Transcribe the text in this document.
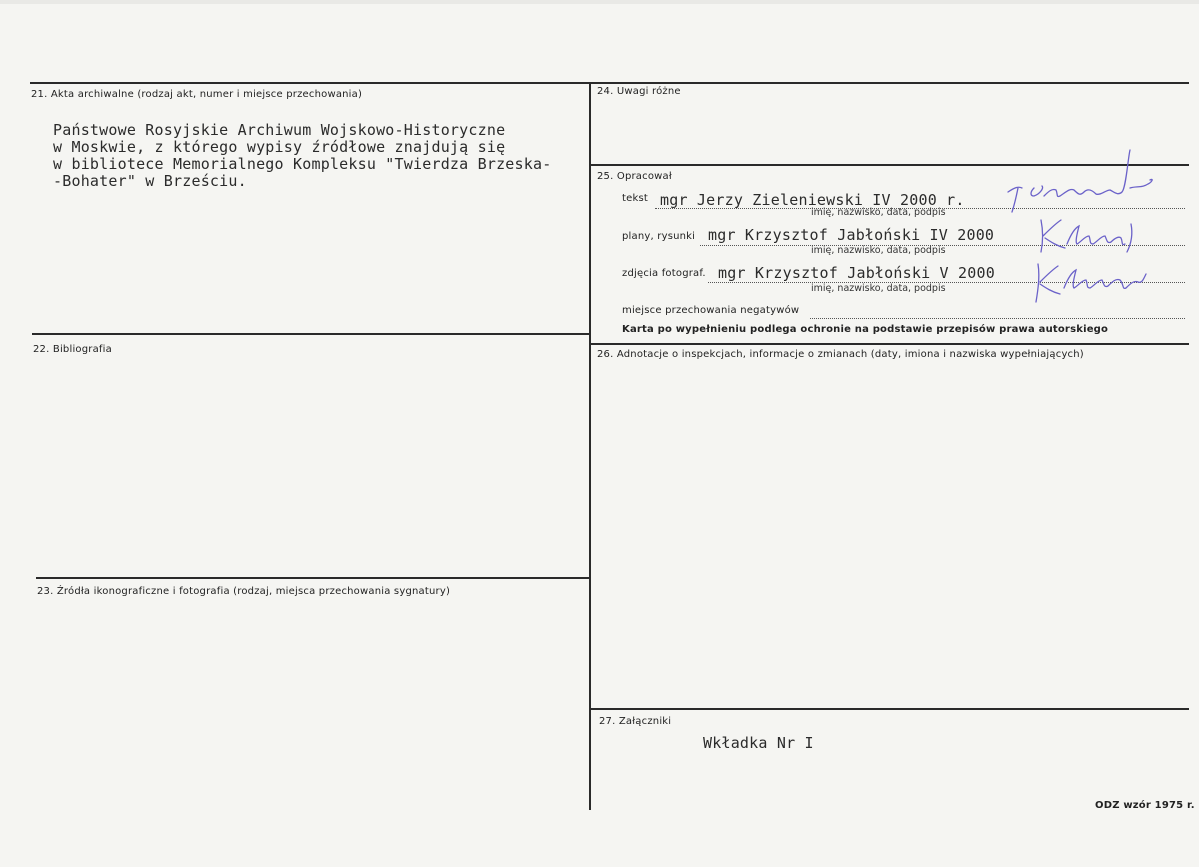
21. Akta archiwalne (rodzaj akt, numer i miejsce przechowania)
Państwowe Rosyjskie Archiwum Wojskowo-Historyczne
w Moskwie, z którego wypisy źródłowe znajdują się
w bibliotece Memorialnego Kompleksu "Twierdza Brzeska-
-Bohater" w Brześciu.
22. Bibliografia
23. Źródła ikonograficzne i fotografia (rodzaj, miejsca przechowania sygnatury)
24. Uwagi różne
25. Opracował
tekst mgr Jerzy Zieleniewski IV 2000 r.
imię, nazwisko, data, podpis
plany, rysunki mgr Krzysztof Jabłoński IV 2000
imię, nazwisko, data, podpis
zdjęcia fotograf. mgr Krzysztof Jabłoński V 2000
imię, nazwisko, data, podpis
miejsce przechowania negatywów
Karta po wypełnieniu podlega ochronie na podstawie przepisów prawa autorskiego
26. Adnotacje o inspekcjach, informacje o zmianach (daty, imiona i nazwiska wypełniających)
27. Załączniki
Wkładka Nr I
ODZ wzór 1975 r.
